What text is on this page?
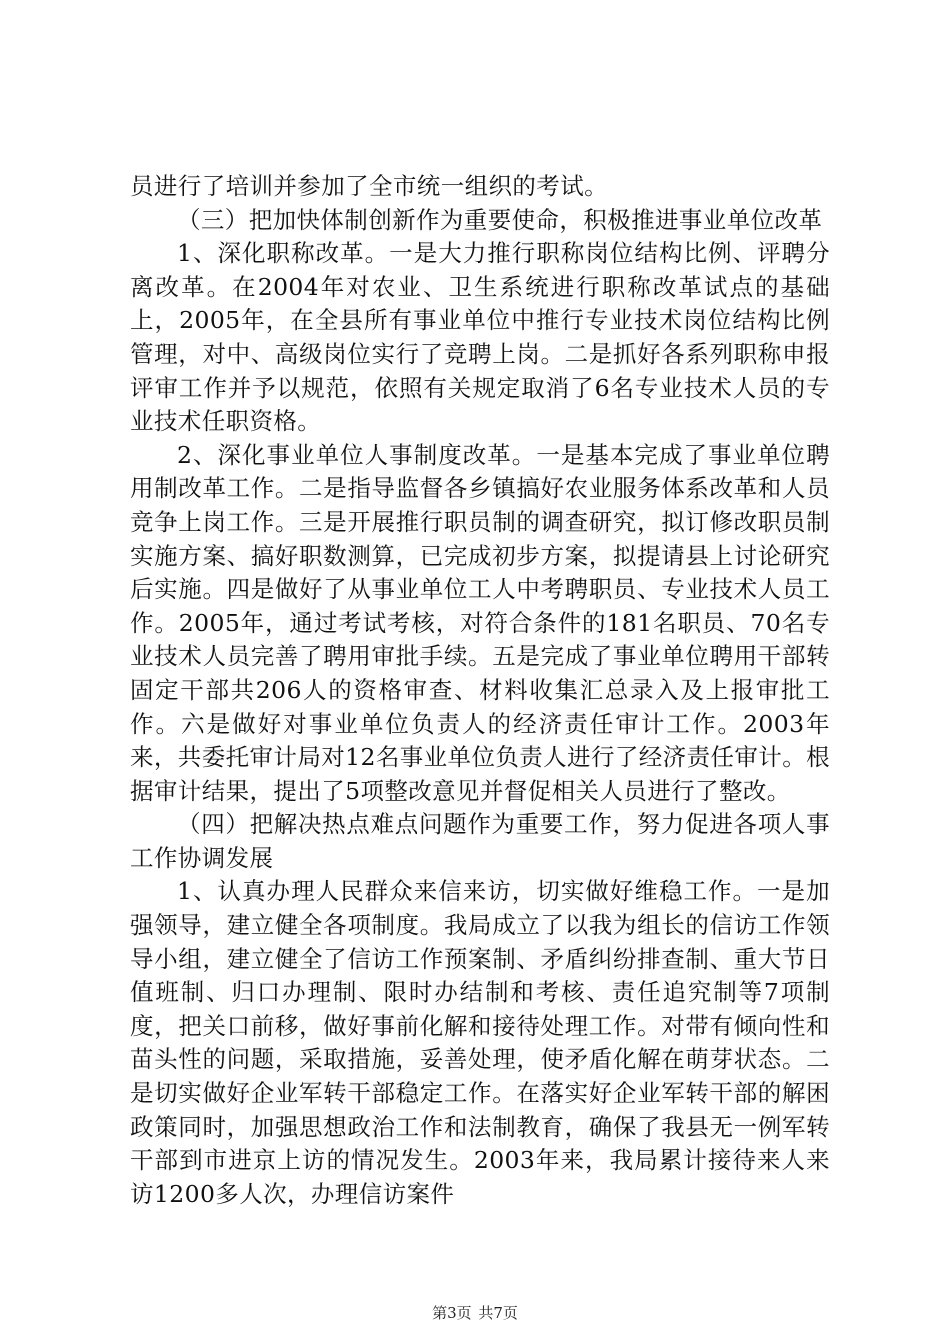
员进行了培训并参加了全市统一组织的考试。

（三）把加快体制创新作为重要使命，积极推进事业单位改革

1、深化职称改革。一是大力推行职称岗位结构比例、评聘分离改革。在2004年对农业、卫生系统进行职称改革试点的基础上，2005年，在全县所有事业单位中推行专业技术岗位结构比例管理，对中、高级岗位实行了竞聘上岗。二是抓好各系列职称申报评审工作并予以规范，依照有关规定取消了6名专业技术人员的专业技术任职资格。

2、深化事业单位人事制度改革。一是基本完成了事业单位聘用制改革工作。二是指导监督各乡镇搞好农业服务体系改革和人员竞争上岗工作。三是开展推行职员制的调查研究，拟订修改职员制实施方案、搞好职数测算，已完成初步方案，拟提请县上讨论研究后实施。四是做好了从事业单位工人中考聘职员、专业技术人员工作。2005年，通过考试考核，对符合条件的181名职员、70名专业技术人员完善了聘用审批手续。五是完成了事业单位聘用干部转固定干部共206人的资格审查、材料收集汇总录入及上报审批工作。六是做好对事业单位负责人的经济责任审计工作。2003年来，共委托审计局对12名事业单位负责人进行了经济责任审计。根据审计结果，提出了5项整改意见并督促相关人员进行了整改。

（四）把解决热点难点问题作为重要工作，努力促进各项人事工作协调发展

1、认真办理人民群众来信来访，切实做好维稳工作。一是加强领导，建立健全各项制度。我局成立了以我为组长的信访工作领导小组，建立健全了信访工作预案制、矛盾纠纷排查制、重大节日值班制、归口办理制、限时办结制和考核、责任追究制等7项制度，把关口前移，做好事前化解和接待处理工作。对带有倾向性和苗头性的问题，采取措施，妥善处理，使矛盾化解在萌芽状态。二是切实做好企业军转干部稳定工作。在落实好企业军转干部的解困政策同时，加强思想政治工作和法制教育，确保了我县无一例军转干部到市进京上访的情况发生。2003年来，我局累计接待来人来访1200多人次，办理信访案件

第3页 共7页
